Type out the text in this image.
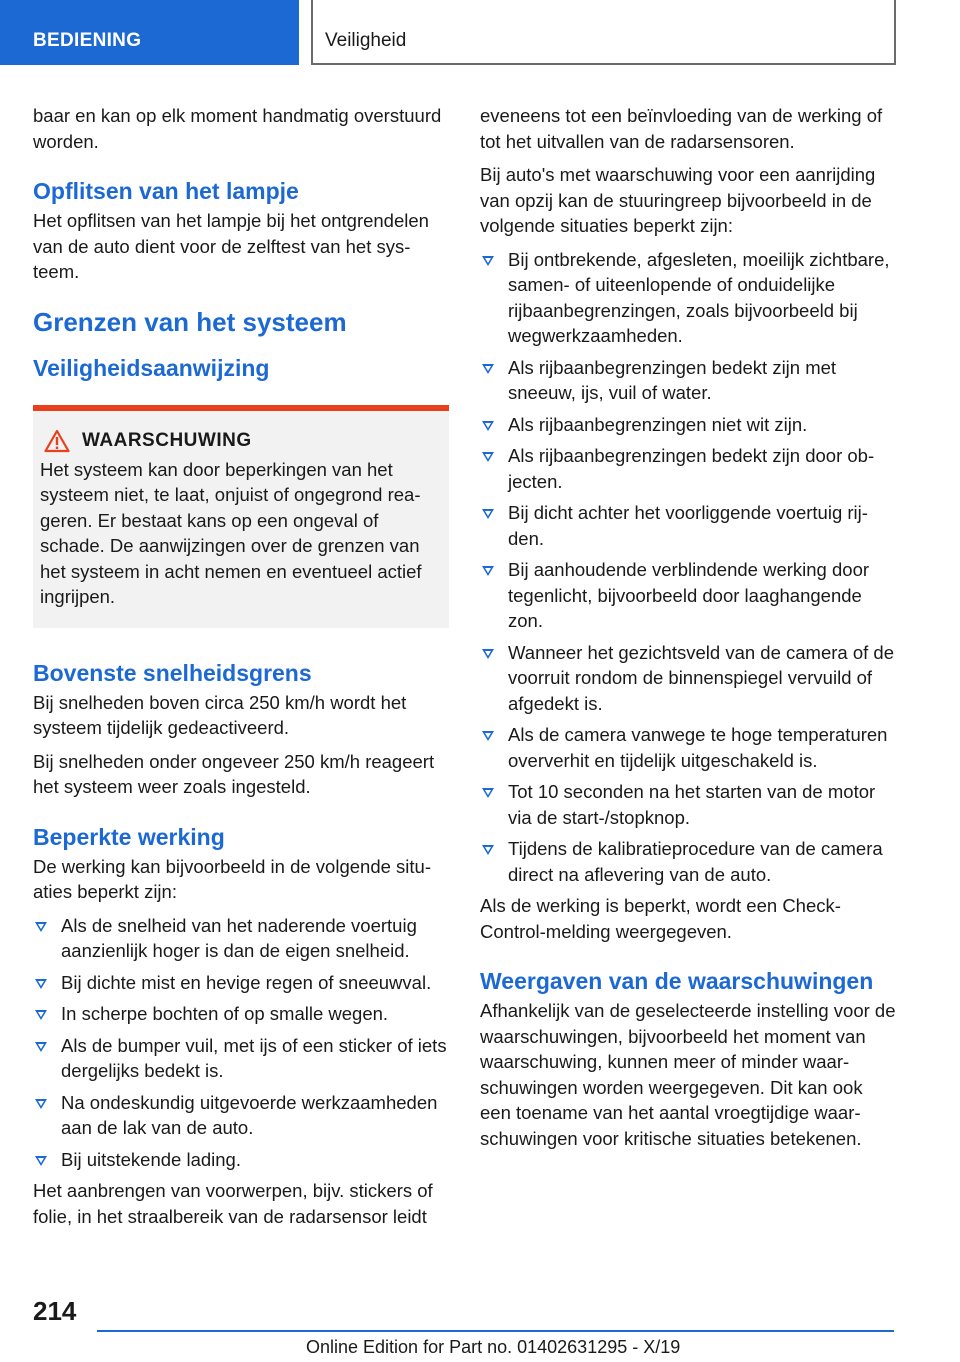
BEDIENING	Veiligheid

baar en kan op elk moment handmatig overstuurd worden.

Opflitsen van het lampje

Het opflitsen van het lampje bij het ontgrendelen van de auto dient voor de zelftest van het systeem.

Grenzen van het systeem
Veiligheidsaanwijzing
WAARSCHUWING

Het systeem kan door beperkingen van het systeem niet, te laat, onjuist of ongegrond reageren. Er bestaat kans op een ongeval of schade. De aanwijzingen over de grenzen van het systeem in acht nemen en eventueel actief ingrijpen.

Bovenste snelheidsgrens

Bij snelheden boven circa 250 km/h wordt het systeem tijdelijk gedeactiveerd.

Bij snelheden onder ongeveer 250 km/h reageert het systeem weer zoals ingesteld.

Beperkte werking

De werking kan bijvoorbeeld in de volgende situaties beperkt zijn:

Als de snelheid van het naderende voertuig aanzienlijk hoger is dan de eigen snelheid.
Bij dichte mist en hevige regen of sneeuwval.
In scherpe bochten of op smalle wegen.
Als de bumper vuil, met ijs of een sticker of iets dergelijks bedekt is.
Na ondeskundig uitgevoerde werkzaamheden aan de lak van de auto.
Bij uitstekende lading.

Het aanbrengen van voorwerpen, bijv. stickers of folie, in het straalbereik van de radarsensor leidt

eveneens tot een beïnvloeding van de werking of tot het uitvallen van de radarsensoren.

Bij auto's met waarschuwing voor een aanrijding van opzij kan de stuuringreep bijvoorbeeld in de volgende situaties beperkt zijn:

Bij ontbrekende, afgesleten, moeilijk zichtbare, samen- of uiteenlopende of onduidelijke rijbaanbegrenzingen, zoals bijvoorbeeld bij wegwerkzaamheden.
Als rijbaanbegrenzingen bedekt zijn met sneeuw, ijs, vuil of water.
Als rijbaanbegrenzingen niet wit zijn.
Als rijbaanbegrenzingen bedekt zijn door objecten.
Bij dicht achter het voorliggende voertuig rijden.
Bij aanhoudende verblindende werking door tegenlicht, bijvoorbeeld door laaghangende zon.
Wanneer het gezichtsveld van de camera of de voorruit rondom de binnenspiegel vervuild of afgedekt is.
Als de camera vanwege te hoge temperaturen oververhit en tijdelijk uitgeschakeld is.
Tot 10 seconden na het starten van de motor via de start-/stopknop.
Tijdens de kalibratieprocedure van de camera direct na aflevering van de auto.

Als de werking is beperkt, wordt een Check-Control-melding weergegeven.

Weergaven van de waarschuwingen

Afhankelijk van de geselecteerde instelling voor de waarschuwingen, bijvoorbeeld het moment van waarschuwing, kunnen meer of minder waarschuwingen worden weergegeven. Dit kan ook een toename van het aantal vroegtijdige waarschuwingen voor kritische situaties betekenen.

214
Online Edition for Part no. 01402631295 - X/19
